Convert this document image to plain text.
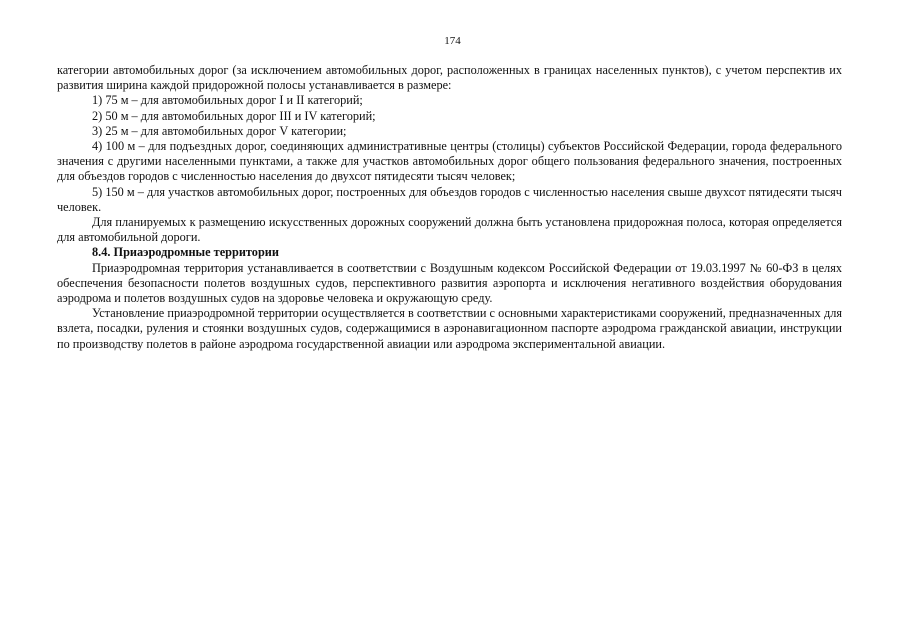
174

категории автомобильных дорог (за исключением автомобильных дорог, расположенных в границах населенных пунктов), с учетом перспектив их развития ширина каждой придорожной полосы устанавливается в размере:

1) 75 м – для автомобильных дорог I и II категорий;

2) 50 м – для автомобильных дорог III и IV категорий;

3) 25 м – для автомобильных дорог V категории;

4) 100 м – для подъездных дорог, соединяющих административные центры (столицы) субъектов Российской Федерации, города федерального значения с другими населенными пунктами, а также для участков автомобильных дорог общего пользования федерального значения, построенных для объездов городов с численностью населения до двухсот пятидесяти тысяч человек;

5) 150 м – для участков автомобильных дорог, построенных для объездов городов с численностью населения свыше двухсот пятидесяти тысяч человек.

Для планируемых к размещению искусственных дорожных сооружений должна быть установлена придорожная полоса, которая определяется для автомобильной дороги.

8.4. Приаэродромные территории

Приаэродромная территория устанавливается в соответствии с Воздушным кодексом Российской Федерации от 19.03.1997 № 60-ФЗ в целях обеспечения безопасности полетов воздушных судов, перспективного развития аэропорта и исключения негативного воздействия оборудования аэродрома и полетов воздушных судов на здоровье человека и окружающую среду.

Установление приаэродромной территории осуществляется в соответствии с основными характеристиками сооружений, предназначенных для взлета, посадки, руления и стоянки воздушных судов, содержащимися в аэронавигационном паспорте аэродрома гражданской авиации, инструкции по производству полетов в районе аэродрома государственной авиации или аэродрома экспериментальной авиации.
